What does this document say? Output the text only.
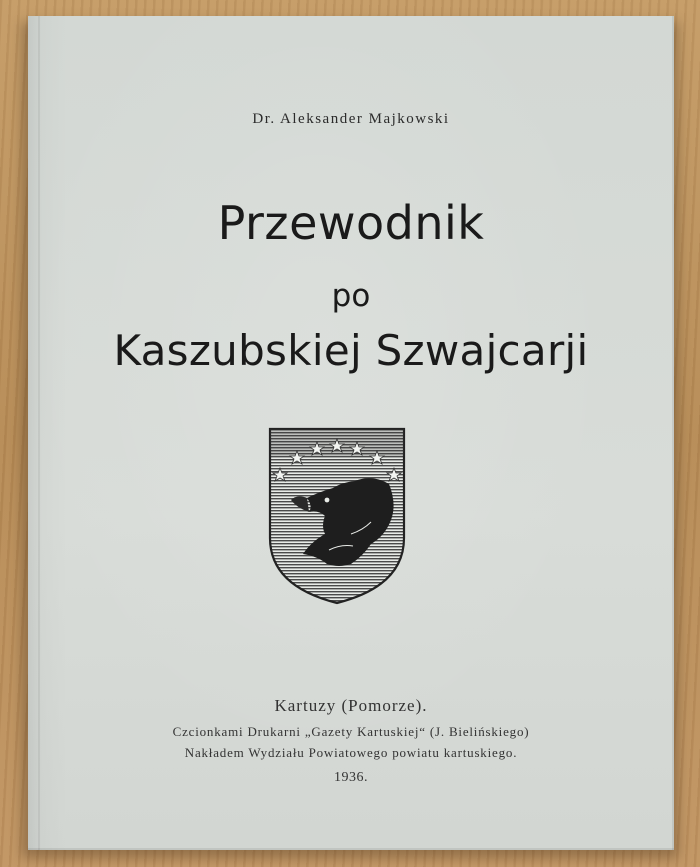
Dr. Aleksander Majkowski
Przewodnik
po
Kaszubskiej Szwajcarji
Kartuzy (Pomorze).
Czcionkami Drukarni „Gazety Kartuskiej“ (J. Bielińskiego)
Nakładem Wydziału Powiatowego powiatu kartuskiego.
1936.
